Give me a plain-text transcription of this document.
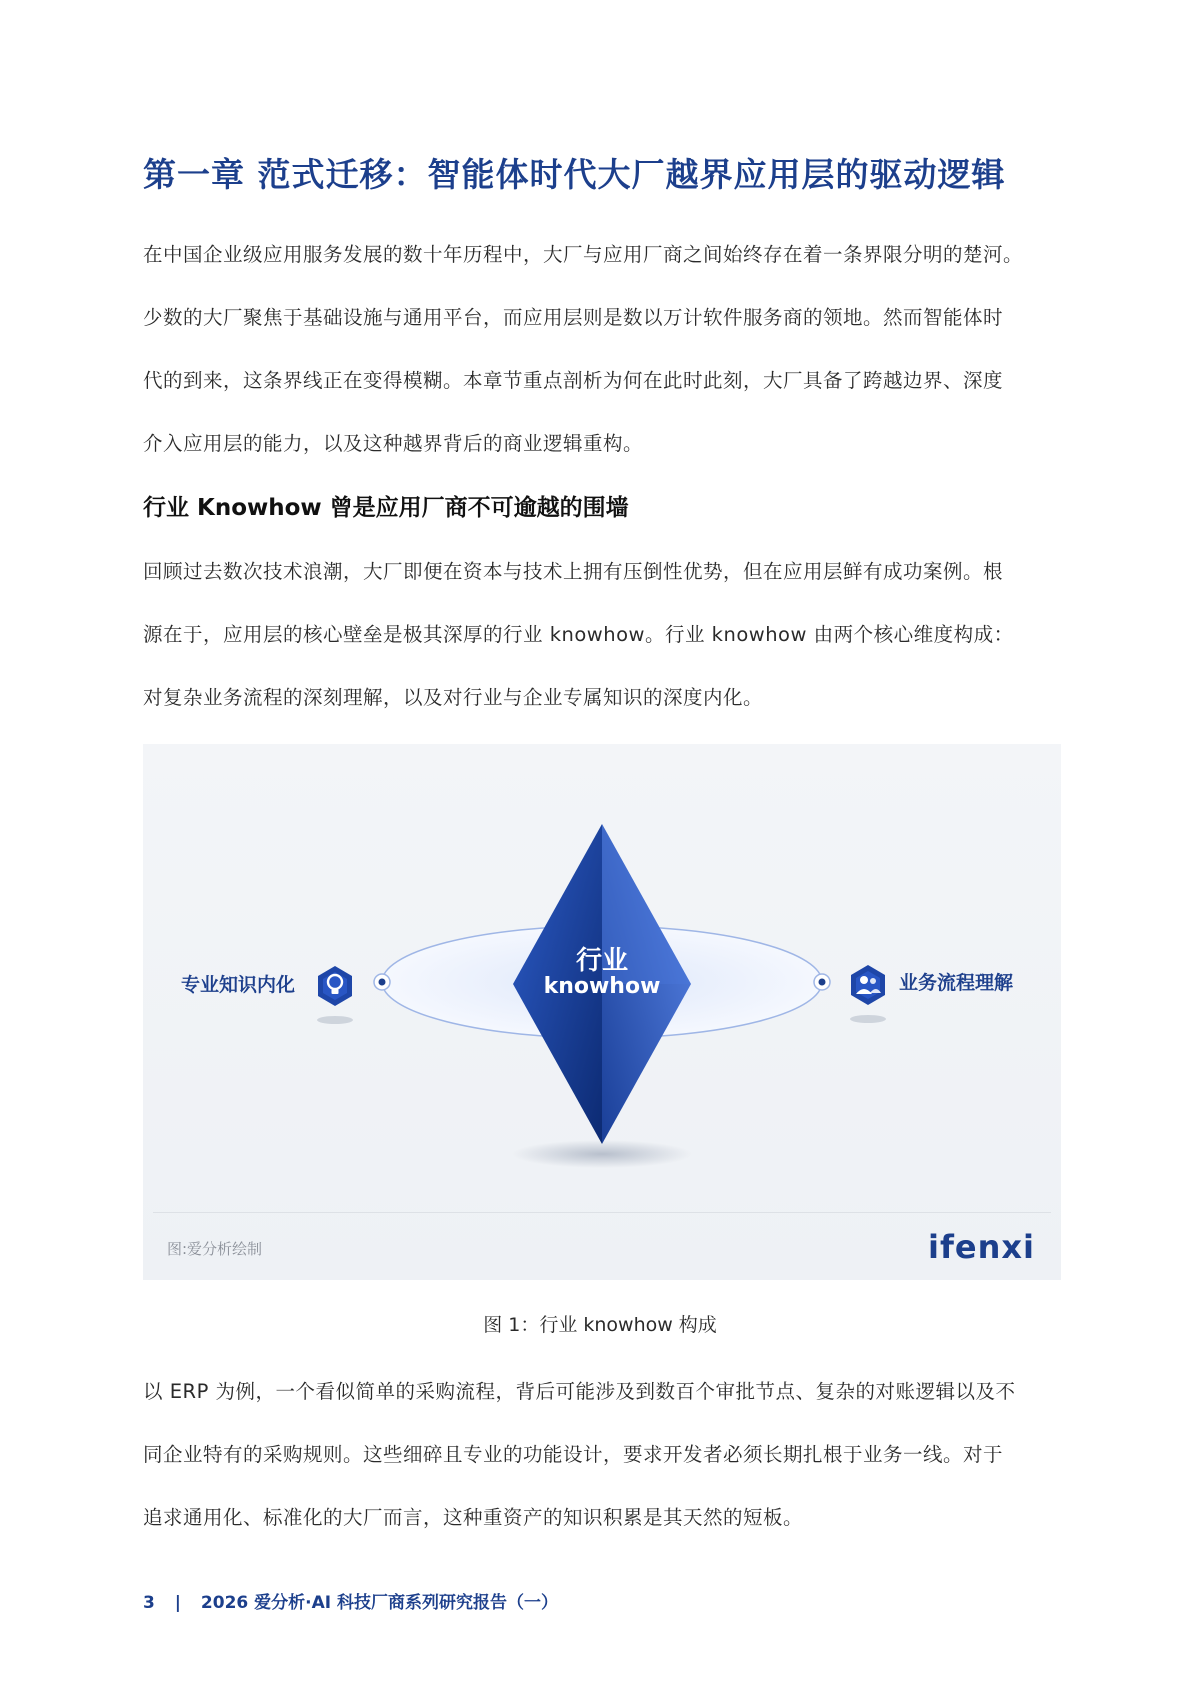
第一章 范式迁移：智能体时代大厂越界应用层的驱动逻辑

在中国企业级应用服务发展的数十年历程中，大厂与应用厂商之间始终存在着一条界限分明的楚河。

少数的大厂聚焦于基础设施与通用平台，而应用层则是数以万计软件服务商的领地。然而智能体时

代的到来，这条界线正在变得模糊。本章节重点剖析为何在此时此刻，大厂具备了跨越边界、深度

介入应用层的能力，以及这种越界背后的商业逻辑重构。

行业 Knowhow 曾是应用厂商不可逾越的围墙

回顾过去数次技术浪潮，大厂即便在资本与技术上拥有压倒性优势，但在应用层鲜有成功案例。根

源在于，应用层的核心壁垒是极其深厚的行业 knowhow。行业 knowhow 由两个核心维度构成：

对复杂业务流程的深刻理解，以及对行业与企业专属知识的深度内化。

行业
knowhow
专业知识内化	业务流程理解
图:爱分析绘制	ifenxi
图 1：行业 knowhow 构成

以 ERP 为例，一个看似简单的采购流程，背后可能涉及到数百个审批节点、复杂的对账逻辑以及不

同企业特有的采购规则。这些细碎且专业的功能设计，要求开发者必须长期扎根于业务一线。对于

追求通用化、标准化的大厂而言，这种重资产的知识积累是其天然的短板。

3 | 2026 爱分析·AI 科技厂商系列研究报告（一）
